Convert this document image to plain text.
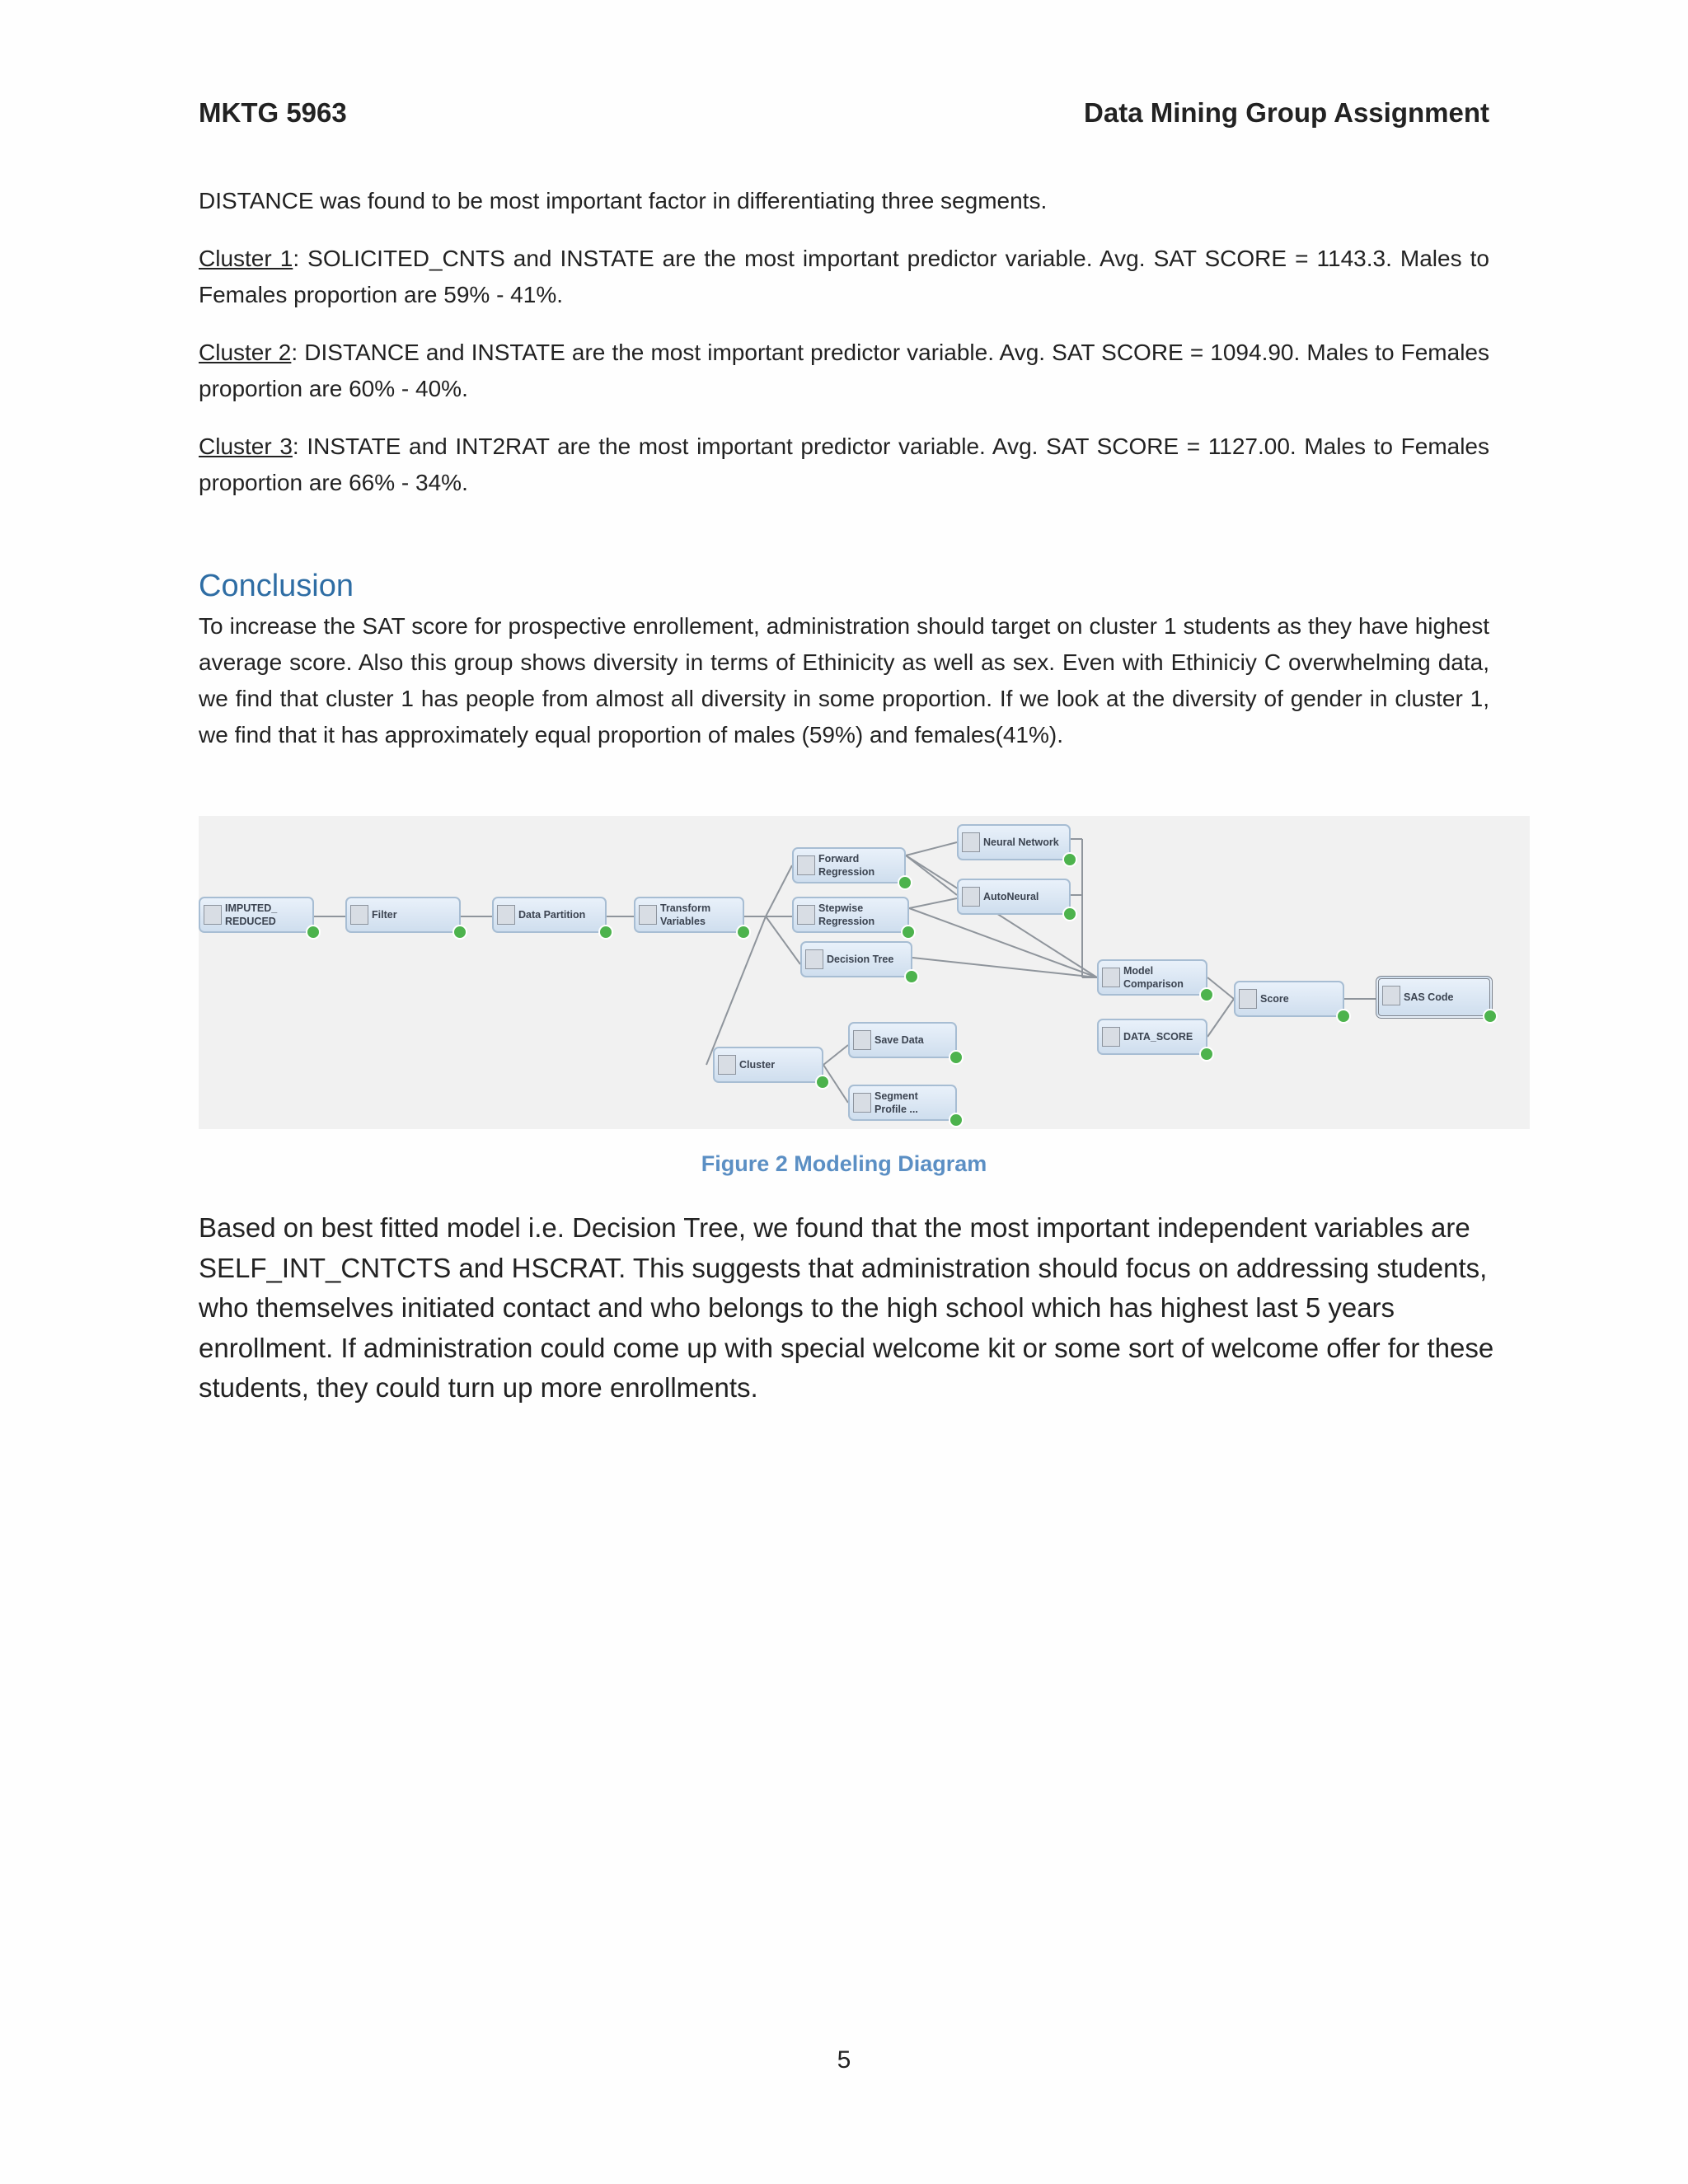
MKTG 5963	Data Mining Group Assignment
DISTANCE was found to be most important factor in differentiating three segments.
Cluster 1: SOLICITED_CNTS and INSTATE are the most important predictor variable. Avg. SAT SCORE = 1143.3. Males to Females proportion are 59% - 41%.
Cluster 2: DISTANCE and INSTATE are the most important predictor variable. Avg. SAT SCORE = 1094.90. Males to Females proportion are 60% - 40%.
Cluster 3: INSTATE and INT2RAT are the most important predictor variable. Avg. SAT SCORE = 1127.00. Males to Females proportion are 66% - 34%.
Conclusion
To increase the SAT score for prospective enrollement, administration should target on cluster 1 students as they have highest average score. Also this group shows diversity in terms of Ethinicity as well as sex. Even with Ethiniciy C overwhelming data, we find that cluster 1 has people from almost all diversity in some proportion. If we look at the diversity of gender in cluster 1, we find that it has approximately equal proportion of males (59%) and females(41%).
IMPUTED_ REDUCED
Filter	Data Partition
Transform Variables
Forward Regression
Stepwise Regression
Decision Tree
Neural Network
AutoNeural
Model Comparison
Score	SAS Code
DATA_SCORE
Cluster
Save Data
Segment Profile ...
Figure 2 Modeling Diagram
Based on best fitted model i.e. Decision Tree, we found that the most important independent variables are SELF_INT_CNTCTS and HSCRAT. This suggests that administration should focus on addressing students, who themselves initiated contact and who belongs to the high school which has highest last 5 years enrollment. If administration could come up with special welcome kit or some sort of welcome offer for these students, they could turn up more enrollments.
5
